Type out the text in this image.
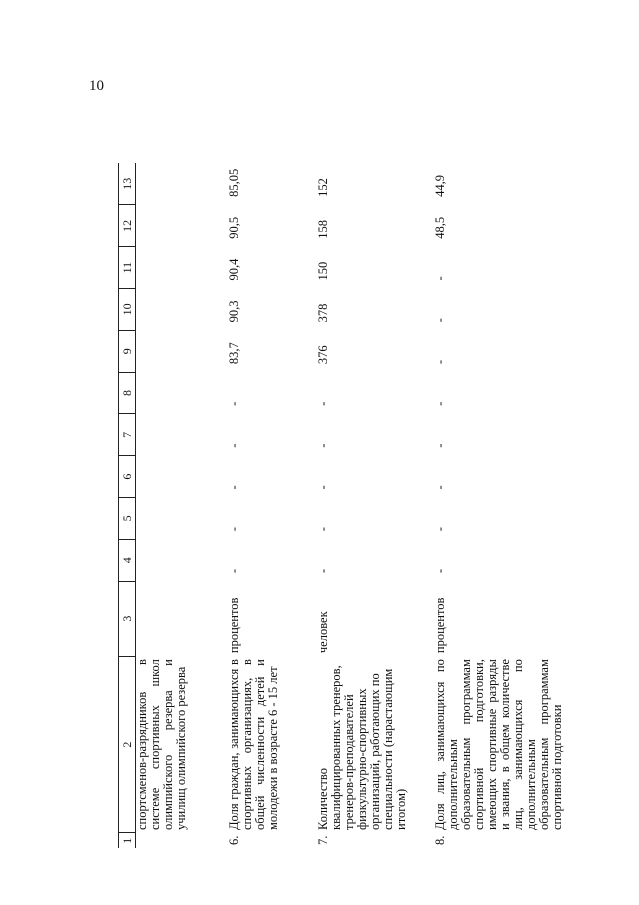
10
1	2	3	4	5	6	7	8	9	10	11	12	13
	спортсменов-разрядников в системе спортивных школ олимпийского резерва и училищ олимпийского резерва											
6.	Доля граждан, занимающихся в спортивных организациях, в общей численности детей и молодежи в возрасте 6 - 15 лет	процентов	-	-	-	-	-	83,7	90,3	90,4	90,5	85,05
7.	Количество квалифицированных тренеров, тренеров-преподавателей физкультурно-спортивных организаций, работающих по специальности (нарастающим итогом)	человек	-	-	-	-	-	376	378	150	158	152
8.	Доля лиц, занимающихся по дополнительным образовательным программам спортивной подготовки, имеющих спортивные разряды и звания, в общем количестве лиц, занимающихся по дополнительным образовательным программам спортивной подготовки	процентов	-	-	-	-	-	-	-	-	48,5	44,9
